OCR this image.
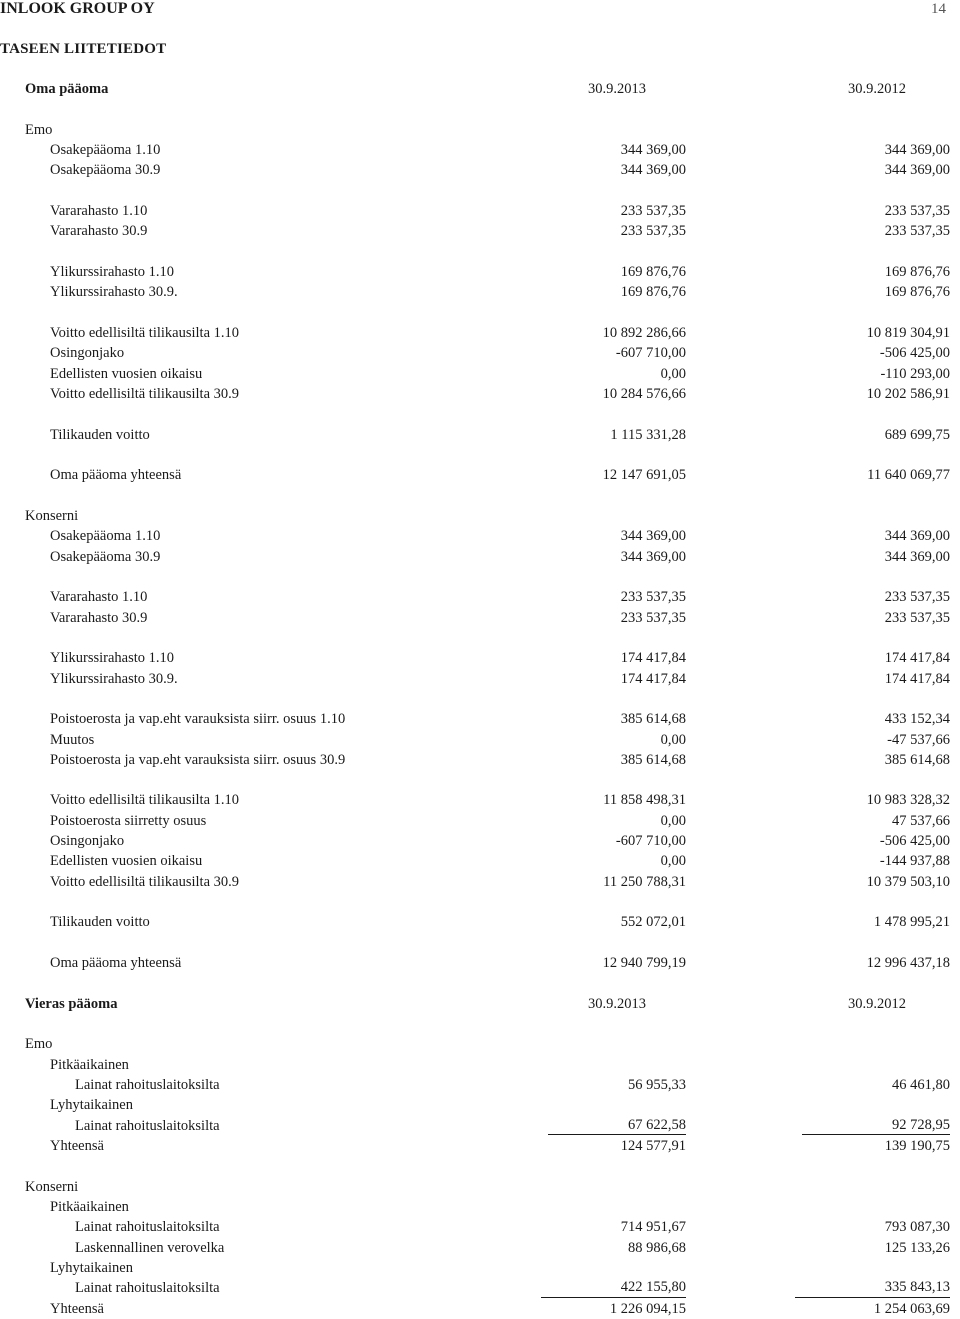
INLOOK GROUP OY	14
TASEEN LIITETIEDOT
Oma pääoma	30.9.2013	30.9.2012
Emo
Osakepääoma 1.10	344 369,00	344 369,00
Osakepääoma 30.9	344 369,00	344 369,00
Vararahasto 1.10	233 537,35	233 537,35
Vararahasto 30.9	233 537,35	233 537,35
Ylikurssirahasto 1.10	169 876,76	169 876,76
Ylikurssirahasto 30.9.	169 876,76	169 876,76
Voitto edellisiltä tilikausilta 1.10	10 892 286,66	10 819 304,91
Osingonjako	-607 710,00	-506 425,00
Edellisten vuosien oikaisu	0,00	-110 293,00
Voitto edellisiltä tilikausilta 30.9	10 284 576,66	10 202 586,91
Tilikauden voitto	1 115 331,28	689 699,75
Oma pääoma yhteensä	12 147 691,05	11 640 069,77
Konserni
Osakepääoma 1.10	344 369,00	344 369,00
Osakepääoma 30.9	344 369,00	344 369,00
Vararahasto 1.10	233 537,35	233 537,35
Vararahasto 30.9	233 537,35	233 537,35
Ylikurssirahasto 1.10	174 417,84	174 417,84
Ylikurssirahasto 30.9.	174 417,84	174 417,84
Poistoerosta ja vap.eht varauksista siirr. osuus 1.10	385 614,68	433 152,34
Muutos	0,00	-47 537,66
Poistoerosta ja vap.eht varauksista siirr. osuus 30.9	385 614,68	385 614,68
Voitto edellisiltä tilikausilta 1.10	11 858 498,31	10 983 328,32
Poistoerosta siirretty osuus	0,00	47 537,66
Osingonjako	-607 710,00	-506 425,00
Edellisten vuosien oikaisu	0,00	-144 937,88
Voitto edellisiltä tilikausilta 30.9	11 250 788,31	10 379 503,10
Tilikauden voitto	552 072,01	1 478 995,21
Oma pääoma yhteensä	12 940 799,19	12 996 437,18
Vieras pääoma	30.9.2013	30.9.2012
Emo
Pitkäaikainen
Lainat rahoituslaitoksilta	56 955,33	46 461,80
Lyhytaikainen
Lainat rahoituslaitoksilta	67 622,58	92 728,95
Yhteensä	124 577,91	139 190,75
Konserni
Pitkäaikainen
Lainat rahoituslaitoksilta	714 951,67	793 087,30
Laskennallinen verovelka	88 986,68	125 133,26
Lyhytaikainen
Lainat rahoituslaitoksilta	422 155,80	335 843,13
Yhteensä	1 226 094,15	1 254 063,69
